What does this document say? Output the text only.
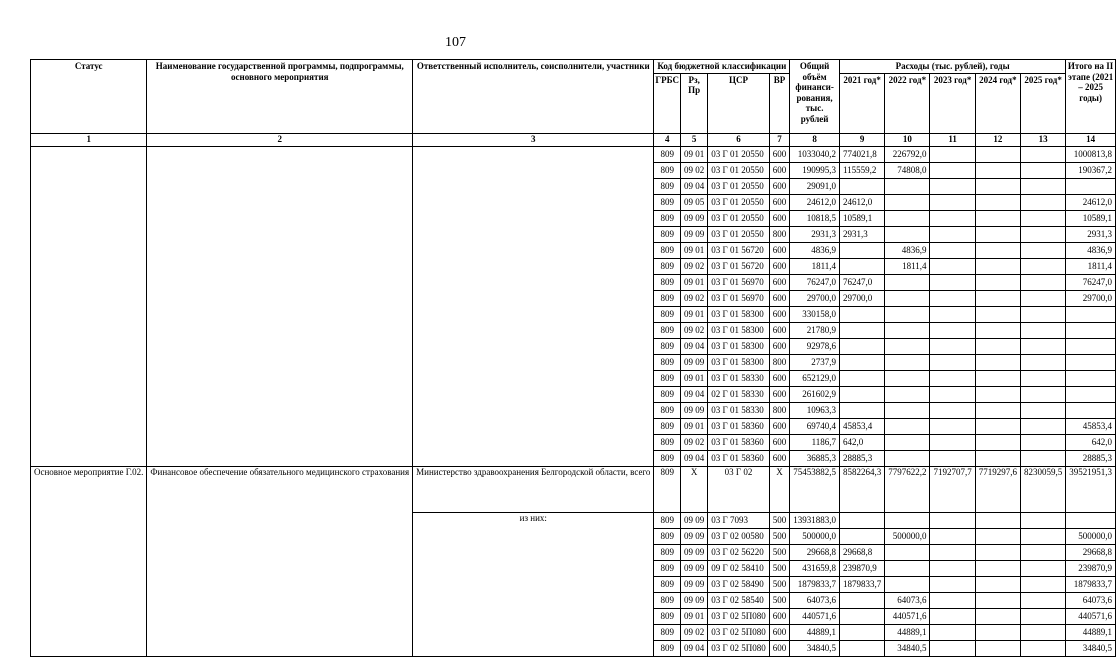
107
Статус	Наименование государственной программы, подпрограммы, основного мероприятия	Ответственный исполнитель, соисполнители, участники	Код бюджетной классификации				Общий объём финанси-рования, тыс. рублей	Расходы (тыс. рублей), годы					Итого на II этапе (2021 – 2025 годы)
			ГРБС	Рз, Пр	ЦСР	ВР		2021 год*	2022 год*	2023 год*	2024 год*	2025 год*	
1	2	3	4	5	6	7	8	9	10	11	12	13	14
			809	09 01	03 Г 01 20550	600	1033040,2	774021,8	226792,0				1000813,8
			809	09 02	03 Г 01 20550	600	190995,3	115559,2	74808,0				190367,2
			809	09 04	03 Г 01 20550	600	29091,0						
			809	09 05	03 Г 01 20550	600	24612,0	24612,0					24612,0
			809	09 09	03 Г 01 20550	600	10818,5	10589,1					10589,1
			809	09 09	03 Г 01 20550	800	2931,3	2931,3					2931,3
			809	09 01	03 Г 01 56720	600	4836,9		4836,9				4836,9
			809	09 02	03 Г 01 56720	600	1811,4		1811,4				1811,4
			809	09 01	03 Г 01 56970	600	76247,0	76247,0					76247,0
			809	09 02	03 Г 01 56970	600	29700,0	29700,0					29700,0
			809	09 01	03 Г 01 58300	600	330158,0						
			809	09 02	03 Г 01 58300	600	21780,9						
			809	09 04	03 Г 01 58300	600	92978,6						
			809	09 09	03 Г 01 58300	800	2737,9						
			809	09 01	03 Г 01 58330	600	652129,0						
			809	09 04	02 Г 01 58330	600	261602,9						
			809	09 09	03 Г 01 58330	800	10963,3						
			809	09 01	03 Г 01 58360	600	69740,4	45853,4					45853,4
			809	09 02	03 Г 01 58360	600	1186,7	642,0					642,0
			809	09 04	03 Г 01 58360	600	36885,3	28885,3					28885,3
Основное мероприятие Г.02.	Финансовое обеспечение обязательного медицинского страхования	Министерство здравоохранения Белгородской области, всего	809	X	03 Г 02	X	75453882,5	8582264,3	7797622,2	7192707,7	7719297,6	8230059,5	39521951,3
		из них:	809	09 09	03 Г 7093	500	13931883,0						
			809	09 09	03 Г 02 00580	500	500000,0		500000,0				500000,0
			809	09 09	03 Г 02 56220	500	29668,8	29668,8					29668,8
			809	09 09	09 Г 02 58410	500	431659,8	239870,9					239870,9
			809	09 09	03 Г 02 58490	500	1879833,7	1879833,7					1879833,7
			809	09 09	03 Г 02 58540	500	64073,6		64073,6				64073,6
			809	09 01	03 Г 02 5П080	600	440571,6		440571,6				440571,6
			809	09 02	03 Г 02 5П080	600	44889,1		44889,1				44889,1
			809	09 04	03 Г 02 5П080	600	34840,5		34840,5				34840,5
